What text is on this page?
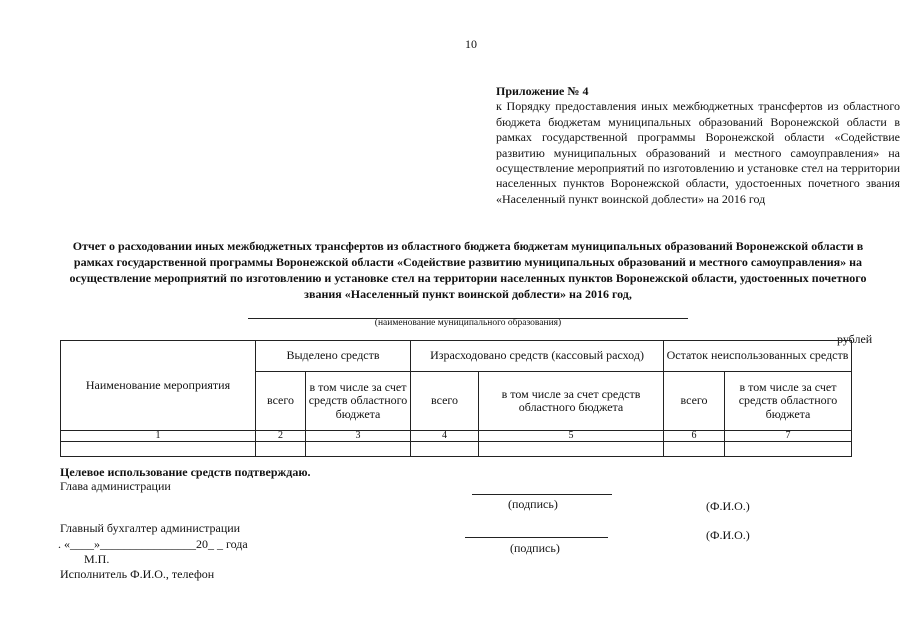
10
Приложение № 4
к Порядку предоставления иных межбюджетных трансфертов из областного бюджета бюджетам муниципальных образований Воронежской области в рамках государственной программы Воронежской области «Содействие развитию муниципальных образований и местного самоуправления» на осуществление мероприятий по изготовлению и установке стел на территории населенных пунктов Воронежской области, удостоенных почетного звания «Населенный пункт воинской доблести» на 2016 год
Отчет о расходовании иных межбюджетных трансфертов из областного бюджета бюджетам муниципальных образований Воронежской области в рамках государственной программы Воронежской области «Содействие развитию муниципальных образований и местного самоуправления» на осуществление мероприятий по изготовлению и установке стел на территории населенных пунктов Воронежской области, удостоенных почетного звания «Населенный пункт воинской доблести» на 2016 год,
(наименование муниципального образования)
рублей
Наименование мероприятия	Выделено средств		Израсходовано средств (кассовый расход)		Остаток неиспользованных средств	
	всего	в том числе за счет средств областного бюджета	всего	в том числе за счет средств областного бюджета	всего	в том числе за счет средств областного бюджета
1	2	3	4	5	6	7

Целевое использование средств подтверждаю.
Глава администрации
(подпись)	(Ф.И.О.)
Главный бухгалтер администрации	(Ф.И.О.)
. «____»________________20_ _ года	(подпись)
М.П.
Исполнитель Ф.И.О., телефон
